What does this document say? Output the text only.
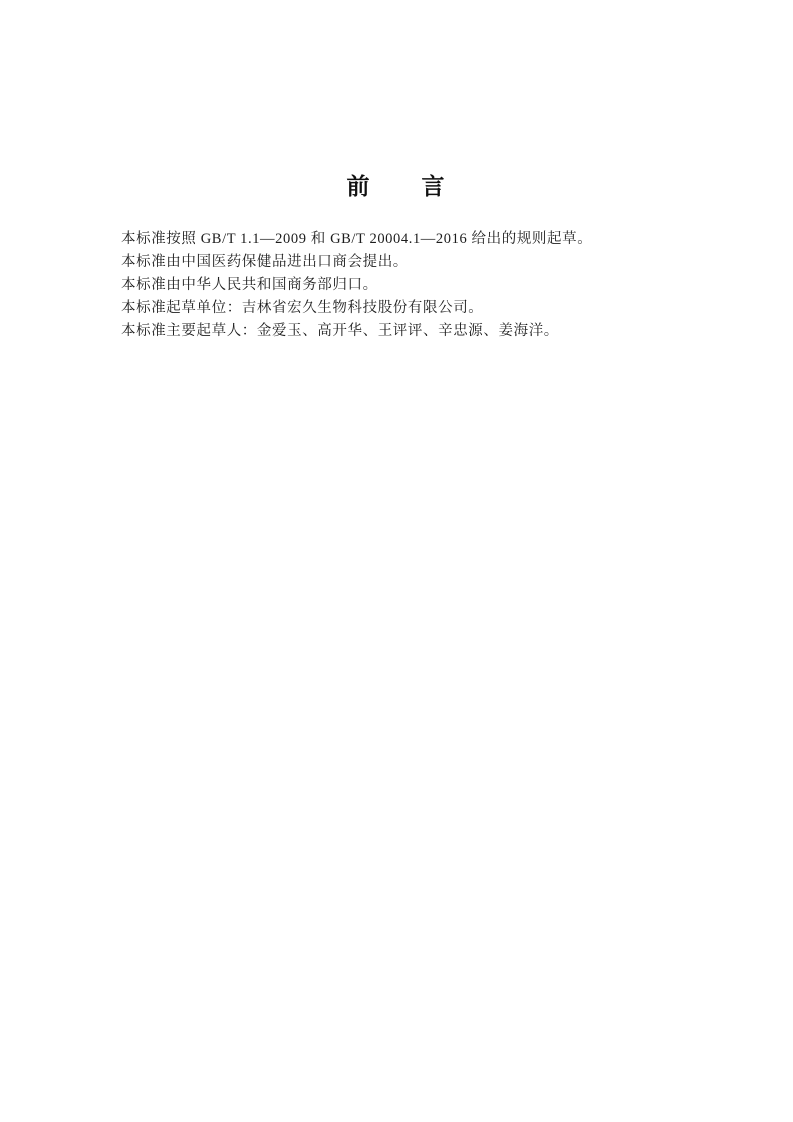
前　　言

本标准按照 GB/T 1.1—2009 和 GB/T 20004.1—2016 给出的规则起草。

本标准由中国医药保健品进出口商会提出。

本标准由中华人民共和国商务部归口。

本标准起草单位：吉林省宏久生物科技股份有限公司。

本标准主要起草人：金爱玉、高开华、王评评、辛忠源、姜海洋。
